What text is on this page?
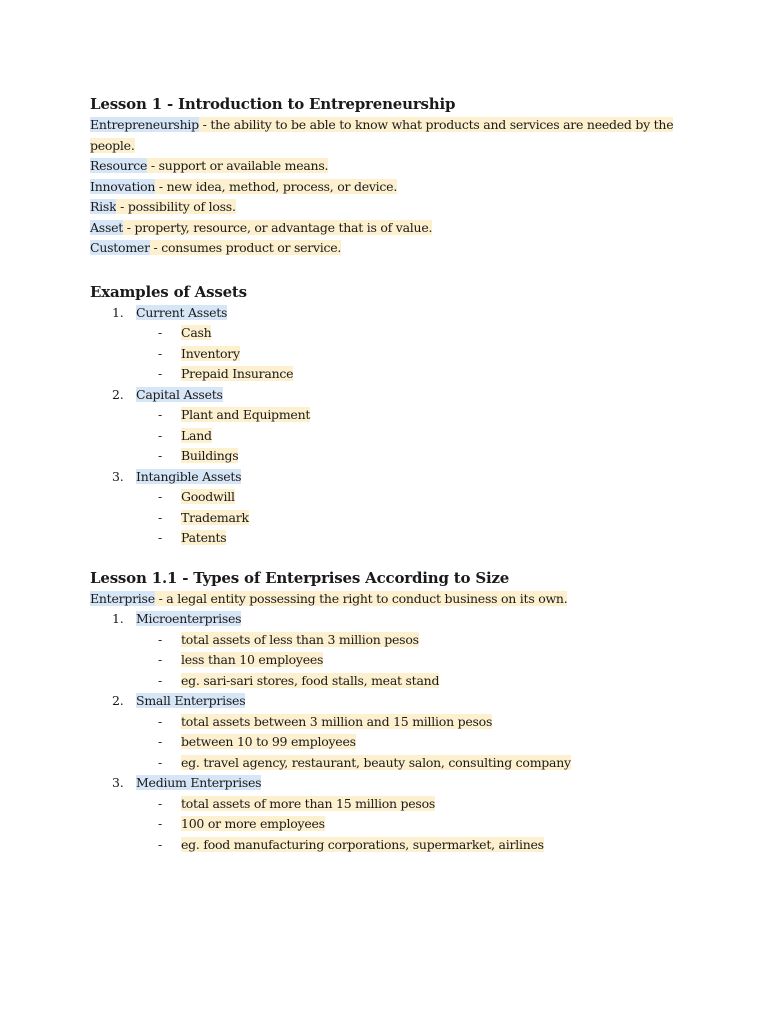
Lesson 1 - Introduction to Entrepreneurship
Entrepreneurship - the ability to be able to know what products and services are needed by the
people.
Resource - support or available means.
Innovation - new idea, method, process, or device.
Risk - possibility of loss.
Asset - property, resource, or advantage that is of value.
Customer - consumes product or service.
Examples of Assets
1. Current Assets
- Cash
- Inventory
- Prepaid Insurance
2. Capital Assets
- Plant and Equipment
- Land
- Buildings
3. Intangible Assets
- Goodwill
- Trademark
- Patents
Lesson 1.1 - Types of Enterprises According to Size
Enterprise - a legal entity possessing the right to conduct business on its own.
1. Microenterprises
- total assets of less than 3 million pesos
- less than 10 employees
- eg. sari-sari stores, food stalls, meat stand
2. Small Enterprises
- total assets between 3 million and 15 million pesos
- between 10 to 99 employees
- eg. travel agency, restaurant, beauty salon, consulting company
3. Medium Enterprises
- total assets of more than 15 million pesos
- 100 or more employees
- eg. food manufacturing corporations, supermarket, airlines
